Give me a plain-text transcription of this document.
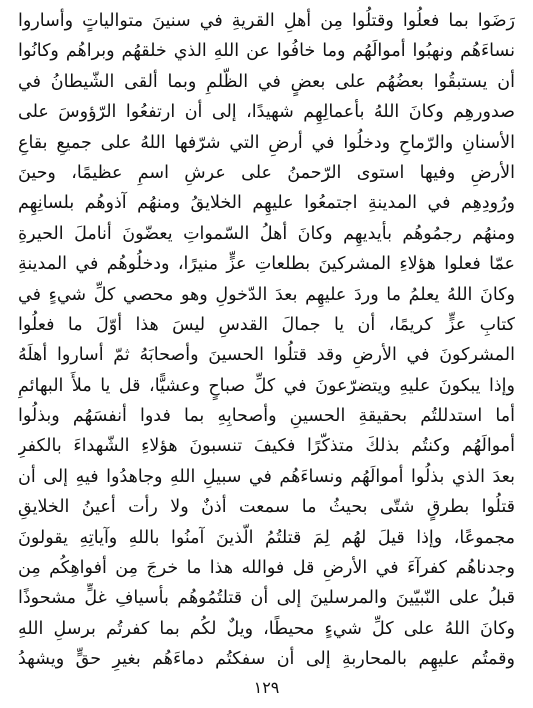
رَضَوا بما فعلُوا وقتلُوا مِن أهلِ القريةِ في سنينَ متوالياتٍ وأساروا
نساءَهُم ونهبُوا أموالَهُم وما خافُوا عن اللهِ الذي خلقهُم وبراهُم وكانُوا
أن يستبقُوا بعضُهُم على بعضٍ في الظّلمِ وبما ألقى الشّيطانُ في
صدورهِم وكانَ اللهُ بأعمالِهِم شهيدًا، إلى أن ارتفعُوا الرّؤوسَ على
الأسنانِ والرّماحِ ودخلُوا في أرضِ التي شرّفها اللهُ على جميعِ بقاعِ
الأرضِ وفيها استوى الرّحمنُ على عرشِ اسمِ عظيمًا، وحينَ
ورُودِهِم في المدينةِ اجتمعُوا عليهِم الخلايقُ ومنهُم آذوهُم بلسانِهِم
ومنهُم رجمُوهُم بأيديهِم وكانَ أهلُ السّمواتِ يعضّونَ أناملَ الحيرةِ
عمّا فعلوا هؤلاءِ المشركينَ بطلعاتِ عزٍّ منيرًا، ودخلُوهُم في المدينةِ
وكانَ اللهُ يعلمُ ما وردَ عليهِم بعدَ الدّخولِ وهو محصي كلِّ شيءٍ في
كتابِ عزٍّ كريمًا، أن يا جمالَ القدسِ ليسَ هذا أوّلَ ما فعلُوا
المشركونَ في الأرضِ وقد قتلُوا الحسينَ وأصحابَهُ ثمّ أساروا أهلَهُ
وإذا يبكونَ عليهِ ويتضرّعونَ في كلِّ صباحٍ وعشيًّا، قل يا ملأَ البهائمِ
أما استدللتُم بحقيقةِ الحسينِ وأصحابِهِ بما فدوا أنفسَهُم وبذلُوا
أموالَهُم وكنتُم بذلكَ متذكّرًا فكيفَ تنسبونَ هؤلاءِ الشّهداءَ بالكفرِ
بعدَ الذي بذلُوا أموالَهُم ونساءَهُم في سبيلِ اللهِ وجاهدُوا فيهِ إلى أن
قتلُوا بطرقٍ شتّى بحيثُ ما سمعت أذنٌ ولا رأت أعينُ الخلايقِ
مجموعًا، وإذا قيلَ لهُم لِمَ قتلتُمُ الّذينَ آمنُوا باللهِ وآياتِهِ يقولونَ
وجدناهُم كفرآءَ في الأرضِ قل فوالله هذا ما خرجَ مِن أفواهِكُم مِن
قبلُ على النّبيّينَ والمرسلينَ إلى أن قتلتُمُوهُم بأسيافِ غلٍّ مشحوذًا
وكانَ اللهُ على كلِّ شيءٍ محيطًا، ويلٌ لكُم بما كفرتُم برسلِ اللهِ
وقمتُم عليهِم بالمحاربةِ إلى أن سفكتُم دماءَهُم بغيرِ حقٍّ ويشهدُ
١٢٩
